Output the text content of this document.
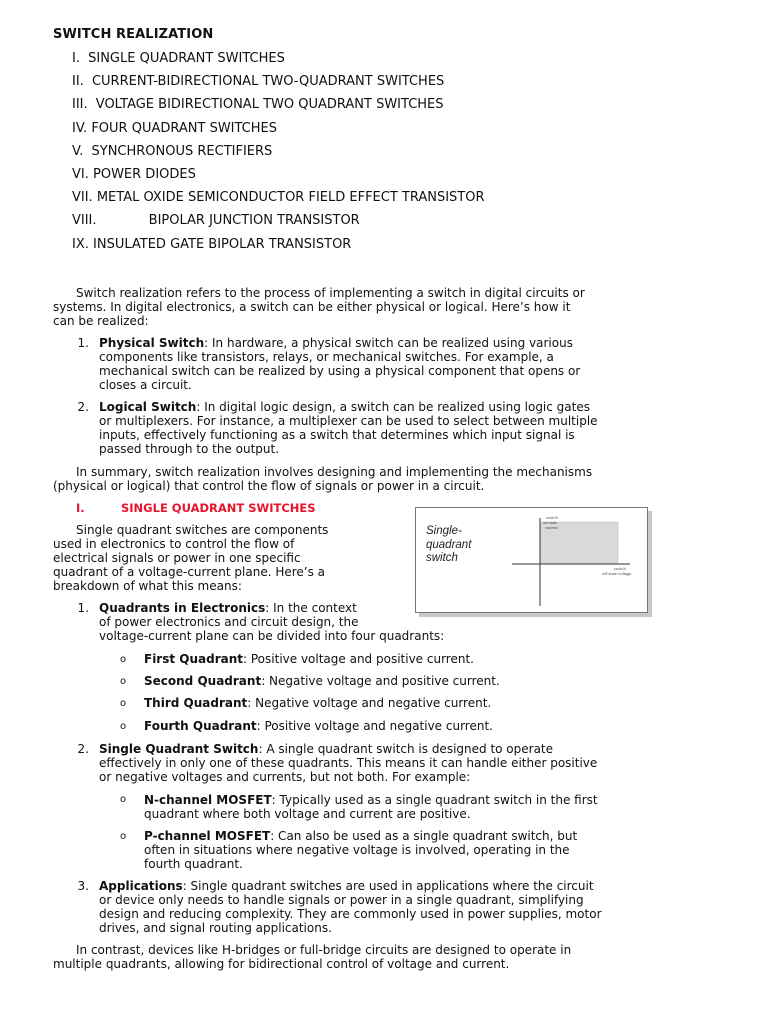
SWITCH REALIZATION
I. SINGLE QUADRANT SWITCHES
II. CURRENT-BIDIRECTIONAL TWO-QUADRANT SWITCHES
III. VOLTAGE BIDIRECTIONAL TWO QUADRANT SWITCHES
IV. FOUR QUADRANT SWITCHES
V. SYNCHRONOUS RECTIFIERS
VI. POWER DIODES
VII. METAL OXIDE SEMICONDUCTOR FIELD EFFECT TRANSISTOR
VIII.	BIPOLAR JUNCTION TRANSISTOR
IX. INSULATED GATE BIPOLAR TRANSISTOR
Switch realization refers to the process of implementing a switch in digital circuits or
systems. In digital electronics, a switch can be either physical or logical. Here’s how it
can be realized:
1. Physical Switch: In hardware, a physical switch can be realized using various
components like transistors, relays, or mechanical switches. For example, a
mechanical switch can be realized by using a physical component that opens or
closes a circuit.
2. Logical Switch: In digital logic design, a switch can be realized using logic gates
or multiplexers. For instance, a multiplexer can be used to select between multiple
inputs, effectively functioning as a switch that determines which input signal is
passed through to the output.
In summary, switch realization involves designing and implementing the mechanisms
(physical or logical) that control the flow of signals or power in a circuit.
I.	SINGLE QUADRANT SWITCHES
Single quadrant switches are components
used in electronics to control the flow of
electrical signals or power in one specific
quadrant of a voltage-current plane. Here’s a
breakdown of what this means:
Single-
quadrant
switch
switch
on-state
current
switch
off-state voltage
1. Quadrants in Electronics: In the context
of power electronics and circuit design, the
voltage-current plane can be divided into four quadrants:
o First Quadrant: Positive voltage and positive current.
o Second Quadrant: Negative voltage and positive current.
o Third Quadrant: Negative voltage and negative current.
o Fourth Quadrant: Positive voltage and negative current.
2. Single Quadrant Switch: A single quadrant switch is designed to operate
effectively in only one of these quadrants. This means it can handle either positive
or negative voltages and currents, but not both. For example:
o N-channel MOSFET: Typically used as a single quadrant switch in the first
quadrant where both voltage and current are positive.
o P-channel MOSFET: Can also be used as a single quadrant switch, but
often in situations where negative voltage is involved, operating in the
fourth quadrant.
3. Applications: Single quadrant switches are used in applications where the circuit
or device only needs to handle signals or power in a single quadrant, simplifying
design and reducing complexity. They are commonly used in power supplies, motor
drives, and signal routing applications.
In contrast, devices like H-bridges or full-bridge circuits are designed to operate in
multiple quadrants, allowing for bidirectional control of voltage and current.
